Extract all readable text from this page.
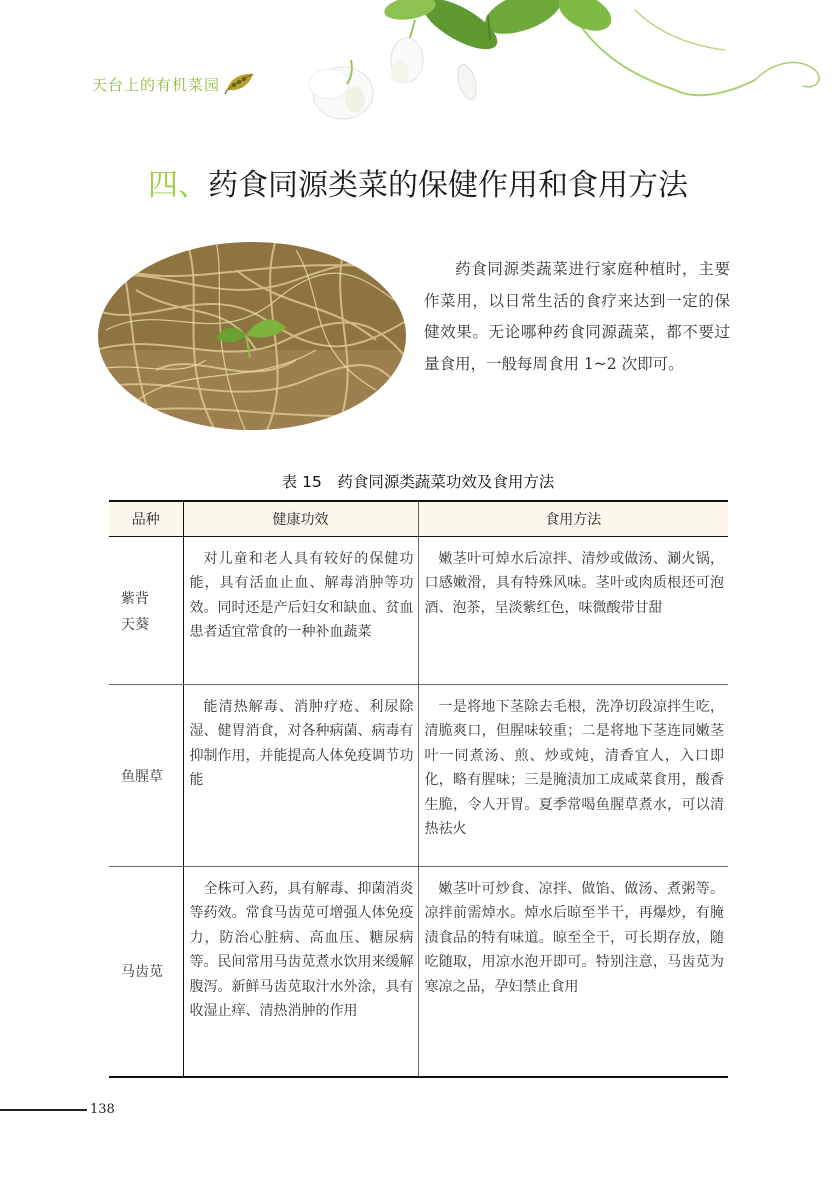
天台上的有机菜园
四、药食同源类菜的保健作用和食用方法

药食同源类蔬菜进行家庭种植时，主要作菜用，以日常生活的食疗来达到一定的保健效果。无论哪种药食同源蔬菜，都不要过量食用，一般每周食用 1~2 次即可。

表 15　药食同源类蔬菜功效及食用方法
品种	健康功效	食用方法

紫背
天葵	对儿童和老人具有较好的保健功能，具有活血止血、解毒消肿等功效。同时还是产后妇女和缺血、贫血患者适宜常食的一种补血蔬菜	嫩茎叶可焯水后凉拌、清炒或做汤、涮火锅，口感嫩滑，具有特殊风味。茎叶或肉质根还可泡酒、泡茶，呈淡紫红色，味微酸带甘甜

鱼腥草	能清热解毒、消肿疗疮、利尿除湿、健胃消食，对各种病菌、病毒有抑制作用，并能提高人体免疫调节功能	一是将地下茎除去毛根，洗净切段凉拌生吃，清脆爽口，但腥味较重；二是将地下茎连同嫩茎叶一同煮汤、煎、炒或炖，清香宜人，入口即化，略有腥味；三是腌渍加工成咸菜食用，酸香生脆，令人开胃。夏季常喝鱼腥草煮水，可以清热祛火

马齿苋	全株可入药，具有解毒、抑菌消炎等药效。常食马齿苋可增强人体免疫力，防治心脏病、高血压、糖尿病等。民间常用马齿苋煮水饮用来缓解腹泻。新鲜马齿苋取汁水外涂，具有收湿止痒、清热消肿的作用	嫩茎叶可炒食、凉拌、做馅、做汤、煮粥等。凉拌前需焯水。焯水后晾至半干，再爆炒，有腌渍食品的特有味道。晾至全干，可长期存放，随吃随取，用凉水泡开即可。特别注意，马齿苋为寒凉之品，孕妇禁止食用
138
